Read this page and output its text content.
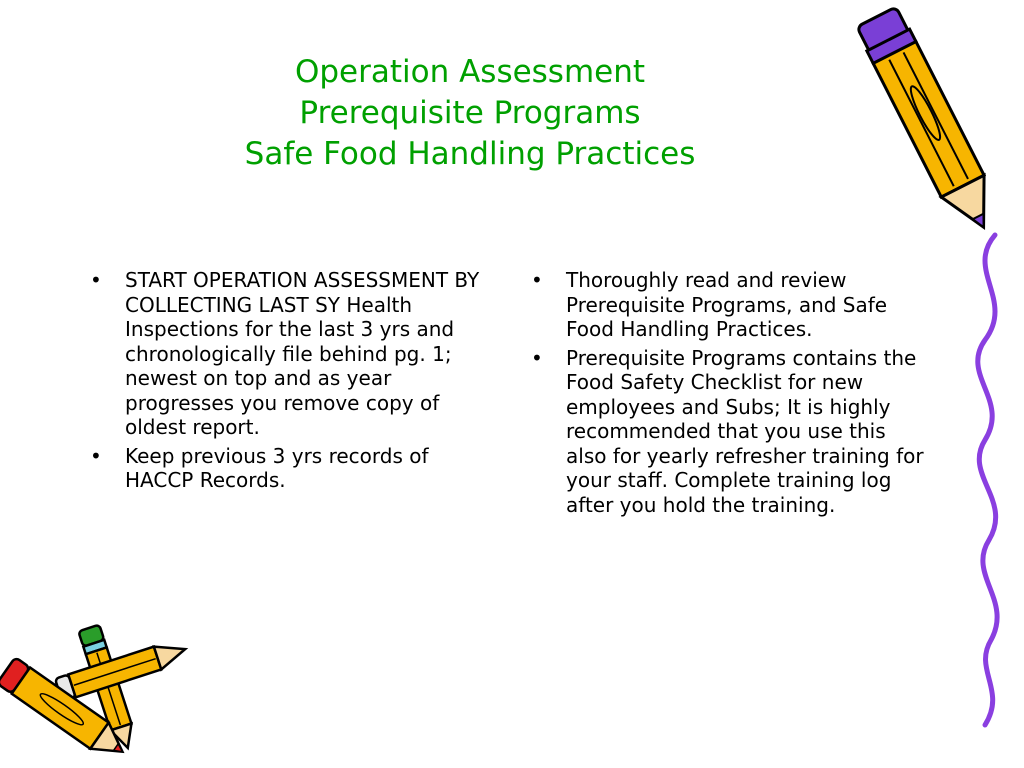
Operation Assessment
Prerequisite Programs
Safe Food Handling Practices
•	START OPERATION ASSESSMENT BY COLLECTING LAST SY Health Inspections for the last 3 yrs and chronologically file behind pg. 1; newest on top and as year progresses you remove copy of oldest report.
•	Keep previous 3 yrs records of HACCP Records.
•	Thoroughly read and review Prerequisite Programs, and Safe Food Handling Practices.
•	Prerequisite Programs contains the Food Safety Checklist for new employees and Subs; It is highly recommended that you use this also for yearly refresher training for your staff. Complete training log after you hold the training.
